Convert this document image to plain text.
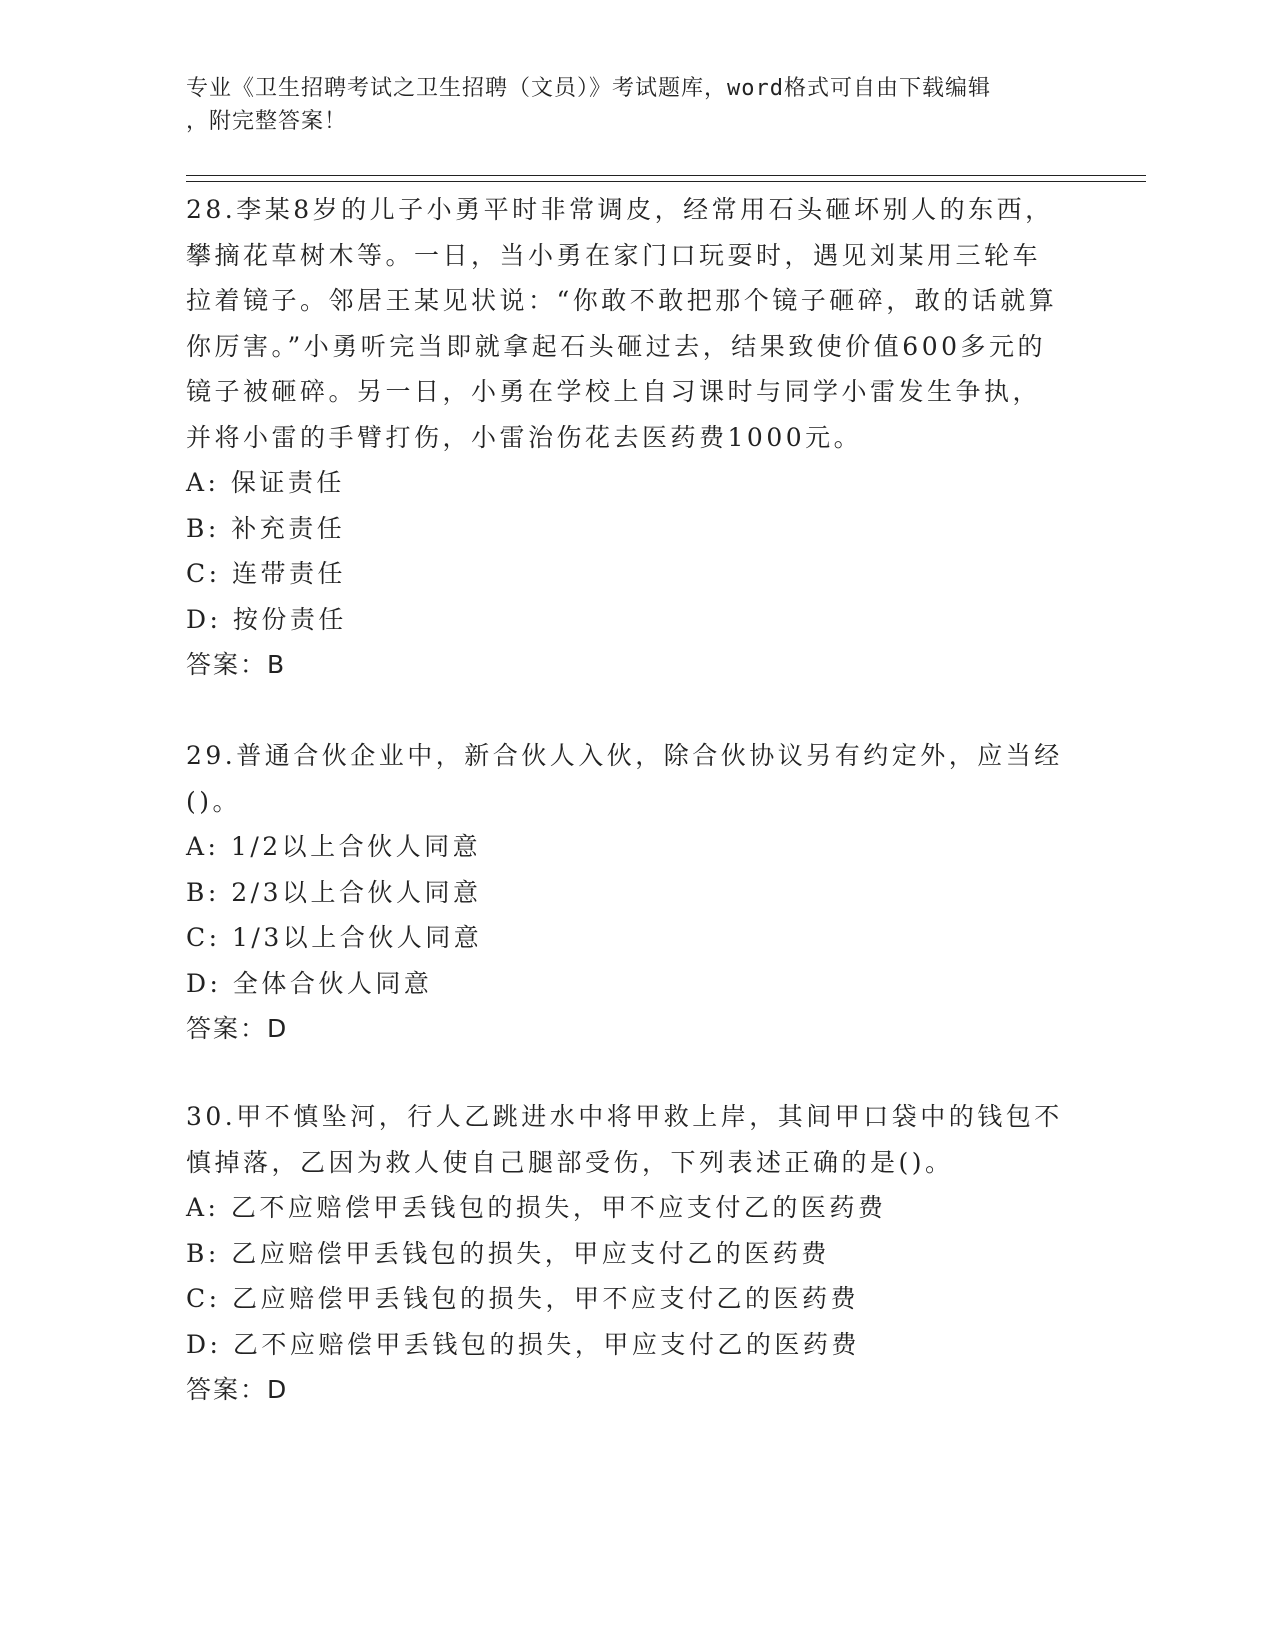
专业《卫生招聘考试之卫生招聘（文员）》考试题库，word格式可自由下载编辑
，附完整答案！

28.李某8岁的儿子小勇平时非常调皮，经常用石头砸坏别人的东西，攀摘花草树木等。一日，当小勇在家门口玩耍时，遇见刘某用三轮车拉着镜子。邻居王某见状说：“你敢不敢把那个镜子砸碎，敢的话就算你厉害。”小勇听完当即就拿起石头砸过去，结果致使价值600多元的镜子被砸碎。另一日，小勇在学校上自习课时与同学小雷发生争执，并将小雷的手臂打伤，小雷治伤花去医药费1000元。

A: 保证责任

B: 补充责任

C: 连带责任

D: 按份责任

答案：B

29.普通合伙企业中，新合伙人入伙，除合伙协议另有约定外，应当经()。

A: 1/2以上合伙人同意

B: 2/3以上合伙人同意

C: 1/3以上合伙人同意

D: 全体合伙人同意

答案：D

30.甲不慎坠河，行人乙跳进水中将甲救上岸，其间甲口袋中的钱包不慎掉落，乙因为救人使自己腿部受伤，下列表述正确的是()。

A: 乙不应赔偿甲丢钱包的损失，甲不应支付乙的医药费

B: 乙应赔偿甲丢钱包的损失，甲应支付乙的医药费

C: 乙应赔偿甲丢钱包的损失，甲不应支付乙的医药费

D: 乙不应赔偿甲丢钱包的损失，甲应支付乙的医药费

答案：D
